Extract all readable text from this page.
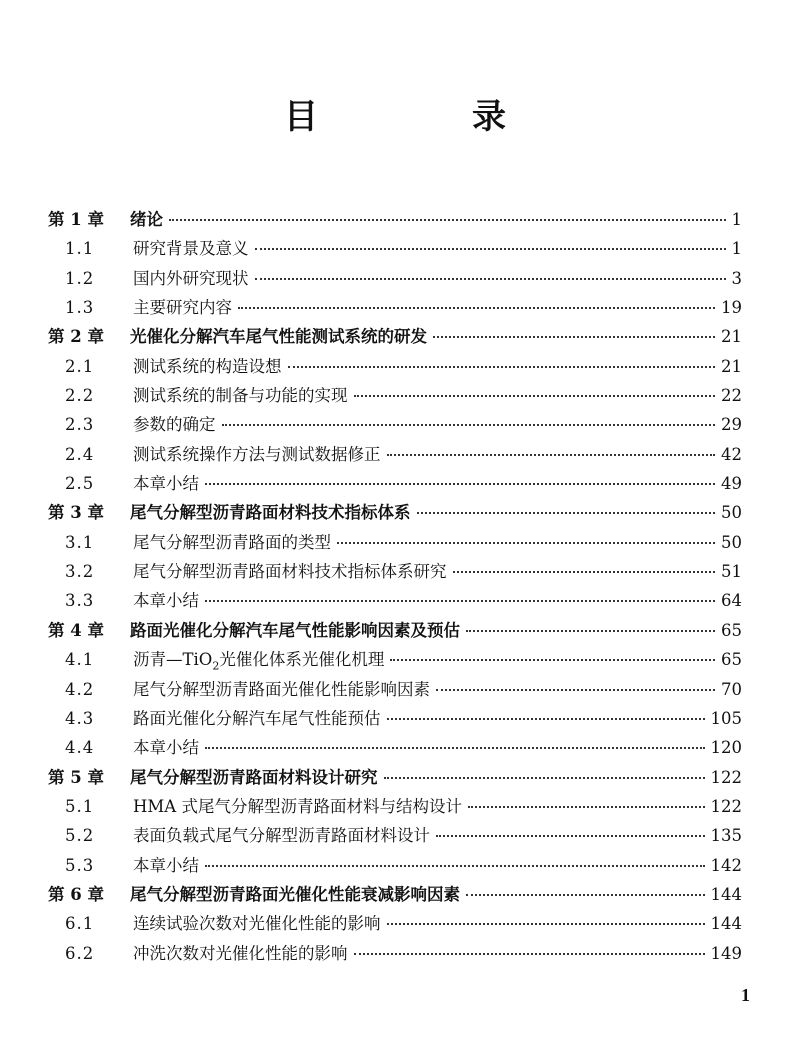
目　录
第 1 章	绪论	1
1.1	研究背景及意义	1
1.2	国内外研究现状	3
1.3	主要研究内容	19
第 2 章	光催化分解汽车尾气性能测试系统的研发	21
2.1	测试系统的构造设想	21
2.2	测试系统的制备与功能的实现	22
2.3	参数的确定	29
2.4	测试系统操作方法与测试数据修正	42
2.5	本章小结	49
第 3 章	尾气分解型沥青路面材料技术指标体系	50
3.1	尾气分解型沥青路面的类型	50
3.2	尾气分解型沥青路面材料技术指标体系研究	51
3.3	本章小结	64
第 4 章	路面光催化分解汽车尾气性能影响因素及预估	65
4.1	沥青—TiO$_2$光催化体系光催化机理	65
4.2	尾气分解型沥青路面光催化性能影响因素	70
4.3	路面光催化分解汽车尾气性能预估	105
4.4	本章小结	120
第 5 章	尾气分解型沥青路面材料设计研究	122
5.1	HMA 式尾气分解型沥青路面材料与结构设计	122
5.2	表面负载式尾气分解型沥青路面材料设计	135
5.3	本章小结	142
第 6 章	尾气分解型沥青路面光催化性能衰减影响因素	144
6.1	连续试验次数对光催化性能的影响	144
6.2	冲洗次数对光催化性能的影响	149
1
